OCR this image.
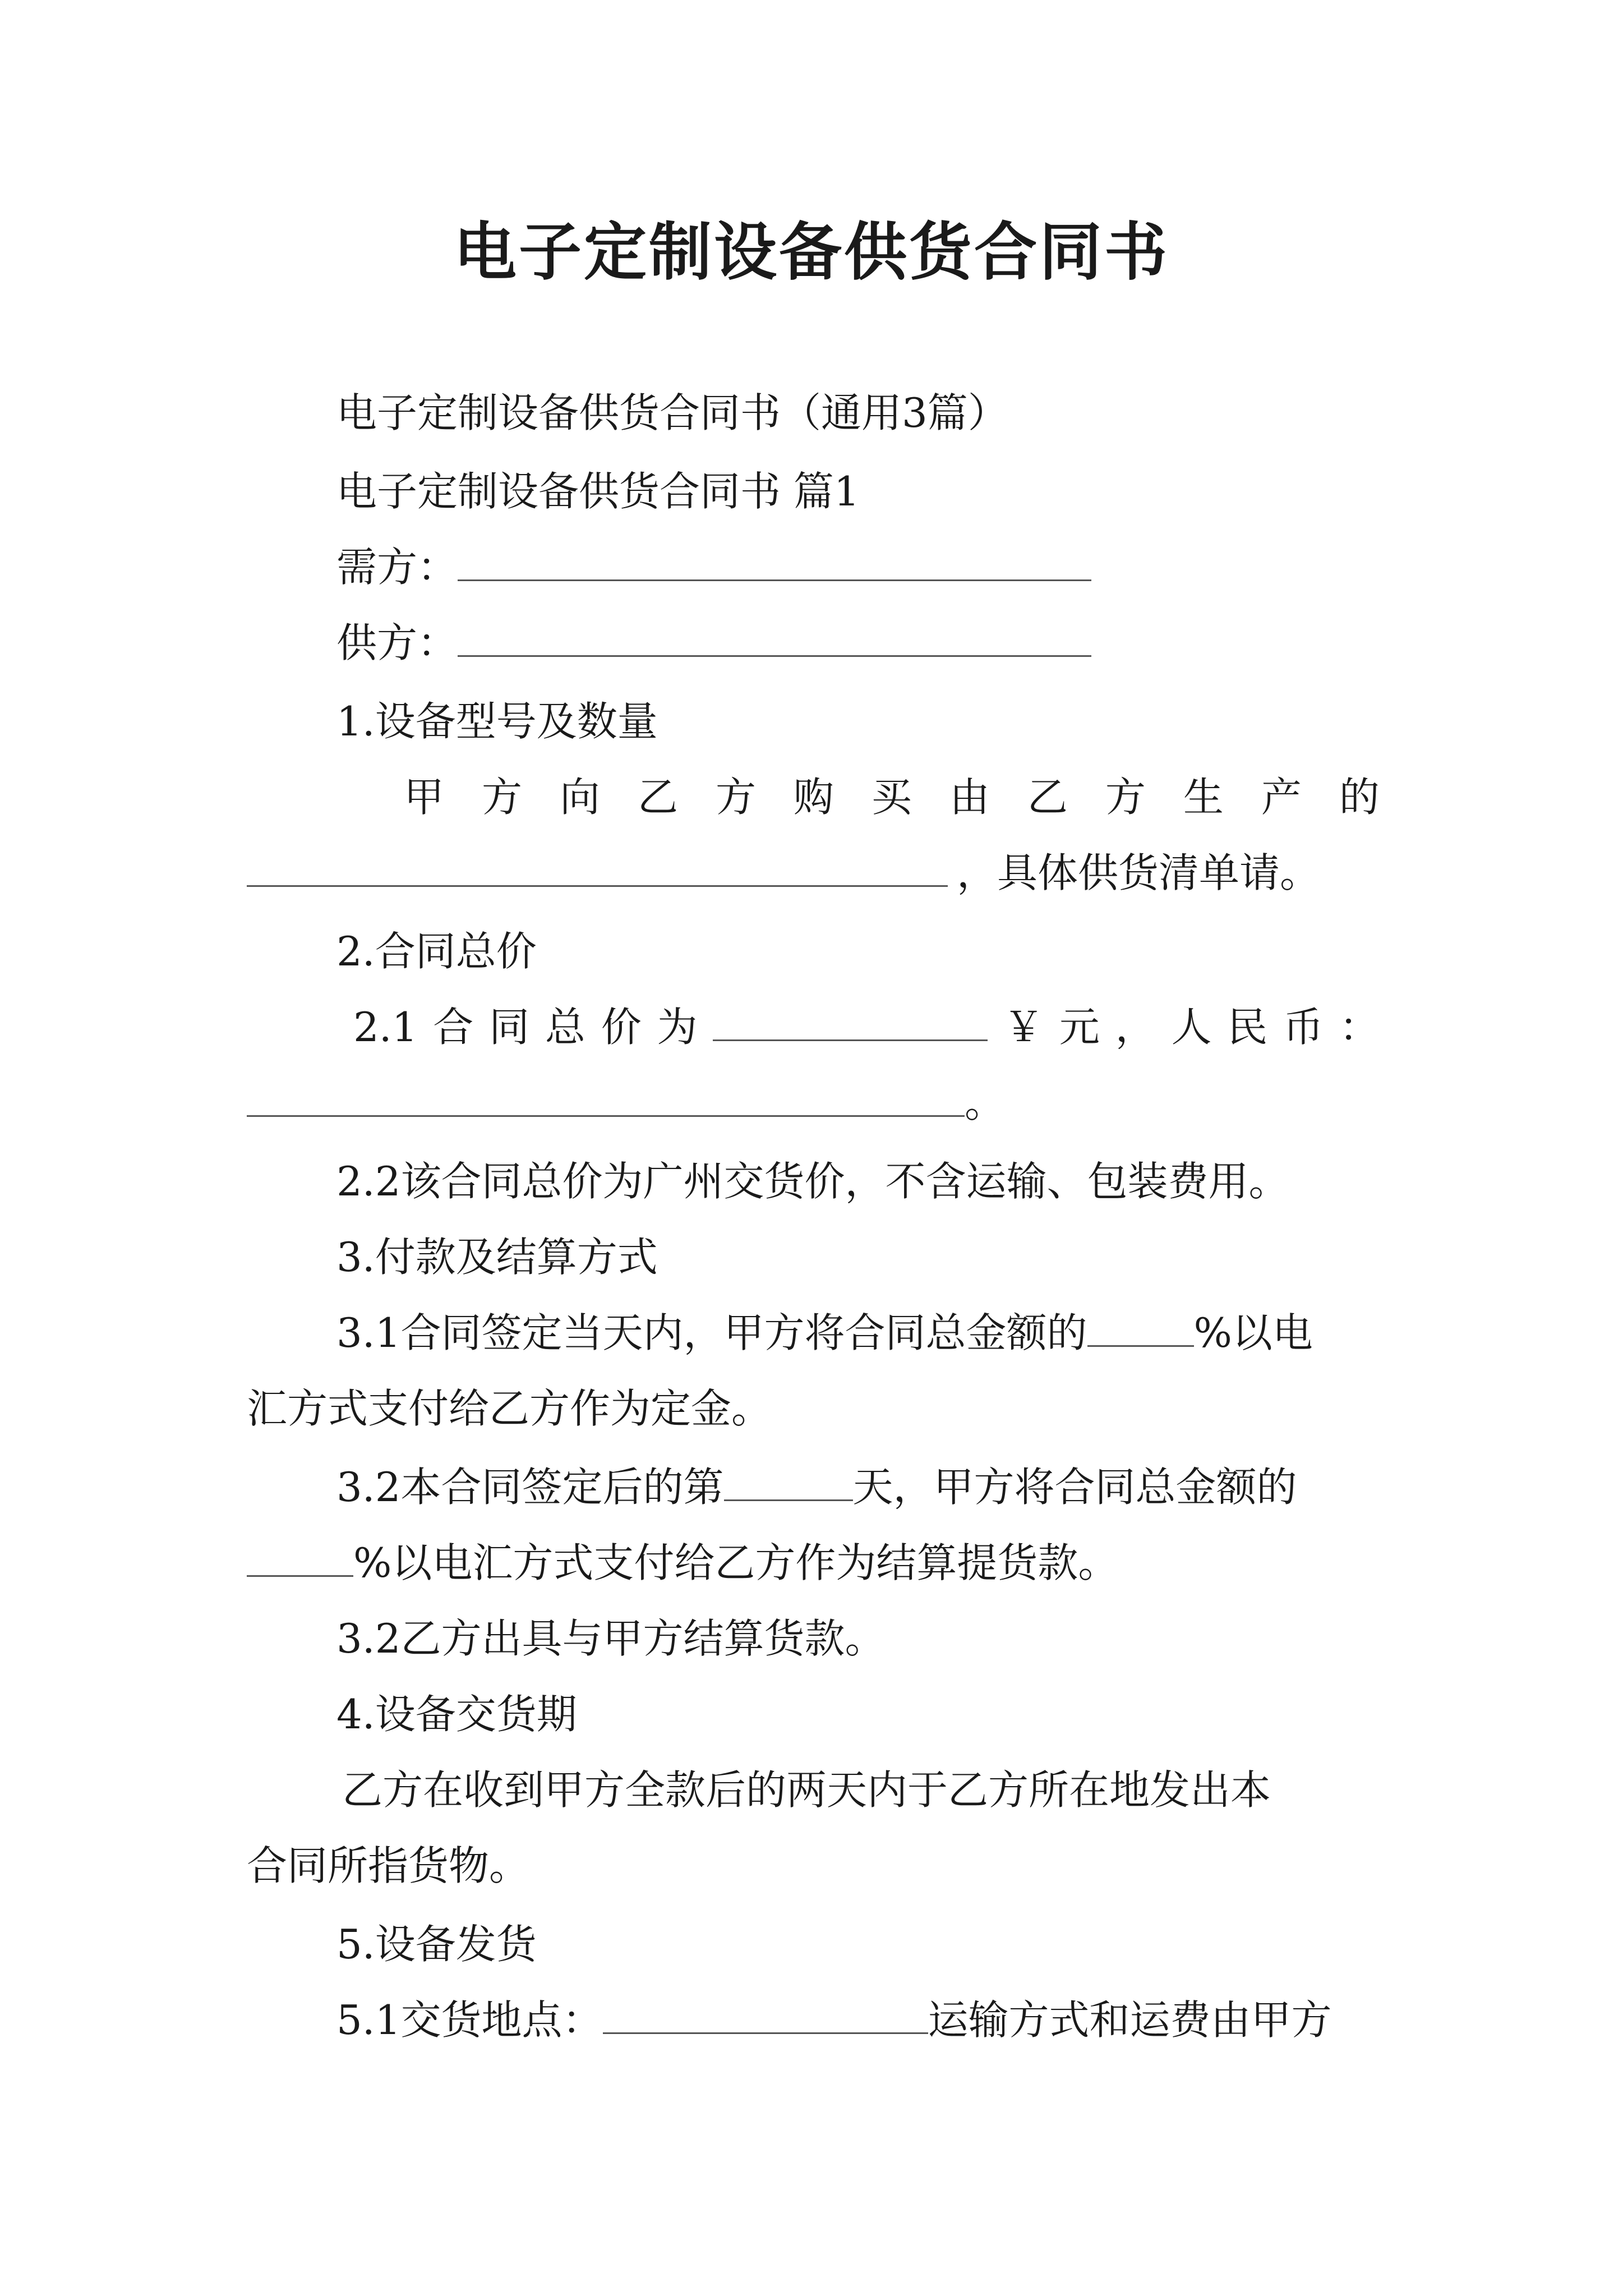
电子定制设备供货合同书
电子定制设备供货合同书（通用3篇）
电子定制设备供货合同书 篇1
需方：
供方：
1.设备型号及数量
甲 方 向 乙 方 购 买 由 乙 方 生 产 的
，具体供货清单请。
2.合同总价
2.1 合 同 总 价 为	￥ 元 ， 人 民 币 ：
。
2.2该合同总价为广州交货价，不含运输、包装费用。
3.付款及结算方式
3.1合同签定当天内，甲方将合同总金额的	%以电
汇方式支付给乙方作为定金。
3.2本合同签定后的第	天，甲方将合同总金额的
%以电汇方式支付给乙方作为结算提货款。
3.2乙方出具与甲方结算货款。
4.设备交货期
乙方在收到甲方全款后的两天内于乙方所在地发出本
合同所指货物。
5.设备发货
5.1交货地点：	运输方式和运费由甲方
